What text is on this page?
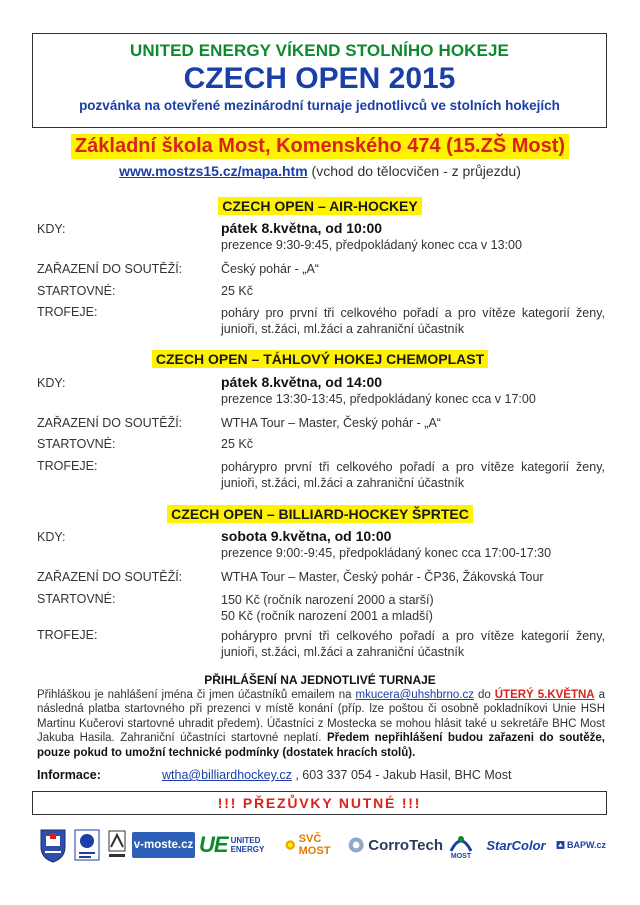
UNITED ENERGY VÍKEND STOLNÍHO HOKEJE
CZECH OPEN 2015
pozvánka na otevřené mezinárodní turnaje jednotlivců ve stolních hokejích
Základní škola Most, Komenského 474 (15.ZŠ Most)
www.mostzs15.cz/mapa.htm (vchod do tělocvičen - z průjezdu)
CZECH OPEN – AIR-HOCKEY
KDY:	pátek 8.května, od 10:00
prezence 9:30-9:45, předpokládaný konec cca v 13:00
ZAŘAZENÍ DO SOUTĚŽÍ:	Český pohár - „A“
STARTOVNÉ:	25 Kč
TROFEJE:	poháry pro první tři celkového pořadí a pro vítěze kategorií ženy, junioři, st.žáci, ml.žáci a zahraniční účastník
CZECH OPEN – TÁHLOVÝ HOKEJ CHEMOPLAST
KDY:	pátek 8.května, od 14:00
prezence 13:30-13:45, předpokládaný konec cca v 17:00
ZAŘAZENÍ DO SOUTĚŽÍ:	WTHA Tour – Master, Český pohár - „A“
STARTOVNÉ:	25 Kč
TROFEJE:	pohárypro první tři celkového pořadí a pro vítěze kategorií ženy, junioři, st.žáci, ml.žáci a zahraniční účastník
CZECH OPEN – BILLIARD-HOCKEY ŠPRTEC
KDY:	sobota 9.května, od 10:00
prezence 9:00:-9:45, předpokládaný konec cca 17:00-17:30
ZAŘAZENÍ DO SOUTĚŽÍ:	WTHA Tour – Master, Český pohár - ČP36, Žákovská Tour
STARTOVNÉ:	150 Kč (ročník narození 2000 a starší)
50 Kč (ročník narození 2001 a mladší)
TROFEJE:	pohárypro první tři celkového pořadí a pro vítěze kategorií ženy, junioři, st.žáci, ml.žáci a zahraniční účastník
PŘIHLÁŠENÍ NA JEDNOTLIVÉ TURNAJE
Přihláškou je nahlášení jména či jmen účastníků emailem na mkucera@uhshbrno.cz do ÚTERÝ 5.KVĚTNA a následná platba startovného při prezenci v místě konání (příp. lze poštou či osobně pokladníkovi Unie HSH Martinu Kučerovi startovné uhradit předem). Účastníci z Mostecka se mohou hlásit také u sekretáře BHC Most Jakuba Hasila. Zahraniční účastníci startovné neplatí. Předem nepřihlášení budou zařazeni do soutěže, pouze pokud to umožní technické podmínky (dostatek hracích stolů).
Informace:	wtha@billiardhockey.cz , 603 337 054 - Jakub Hasil, BHC Most
!!! PŘEZŮVKY NUTNÉ !!!
v-moste.cz UE UNITED ENERGY
SVČ MOST	CorroTech
MOST
StarColor BAPW.cz
